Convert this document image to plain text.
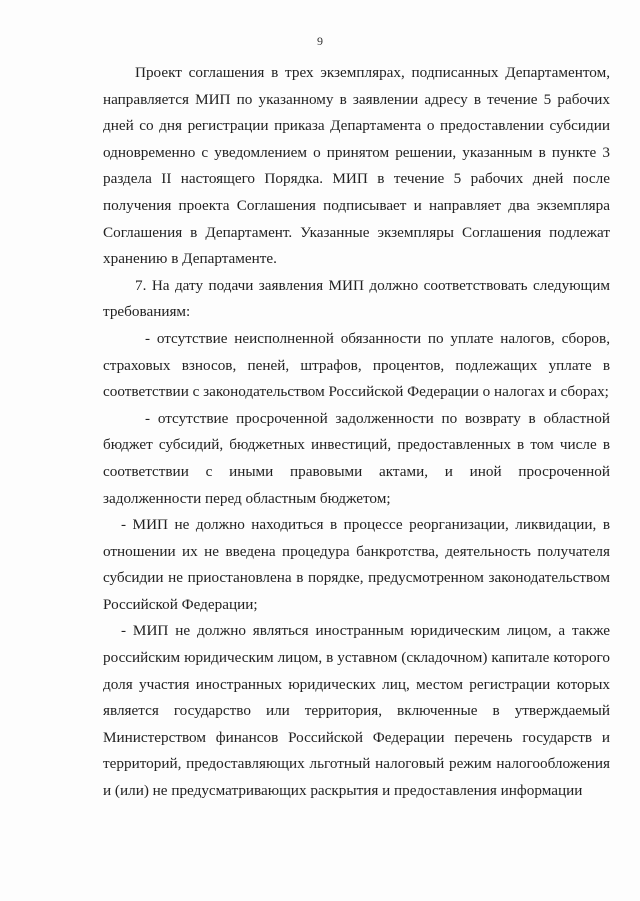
9

Проект соглашения в трех экземплярах, подписанных Департаментом, направляется МИП по указанному в заявлении адресу в течение 5 рабочих дней со дня регистрации приказа Департамента о предоставлении субсидии одновременно с уведомлением о принятом решении, указанным в пункте 3 раздела II настоящего Порядка. МИП в течение 5 рабочих дней после получения проекта Соглашения подписывает и направляет два экземпляра Соглашения в Департамент. Указанные экземпляры Соглашения подлежат хранению в Департаменте.

7. На дату подачи заявления МИП должно соответствовать следующим требованиям:

- отсутствие неисполненной обязанности по уплате налогов, сборов, страховых взносов, пеней, штрафов, процентов, подлежащих уплате в соответствии с законодательством Российской Федерации о налогах и сборах;

- отсутствие просроченной задолженности по возврату в областной бюджет субсидий, бюджетных инвестиций, предоставленных в том числе в соответствии с иными правовыми актами, и иной просроченной задолженности перед областным бюджетом;

- МИП не должно находиться в процессе реорганизации, ликвидации, в отношении их не введена процедура банкротства, деятельность получателя субсидии не приостановлена в порядке, предусмотренном законодательством Российской Федерации;

- МИП не должно являться иностранным юридическим лицом, а также российским юридическим лицом, в уставном (складочном) капитале которого доля участия иностранных юридических лиц, местом регистрации которых является государство или территория, включенные в утверждаемый Министерством финансов Российской Федерации перечень государств и территорий, предоставляющих льготный налоговый режим налогообложения и (или) не предусматривающих раскрытия и предоставления информации
